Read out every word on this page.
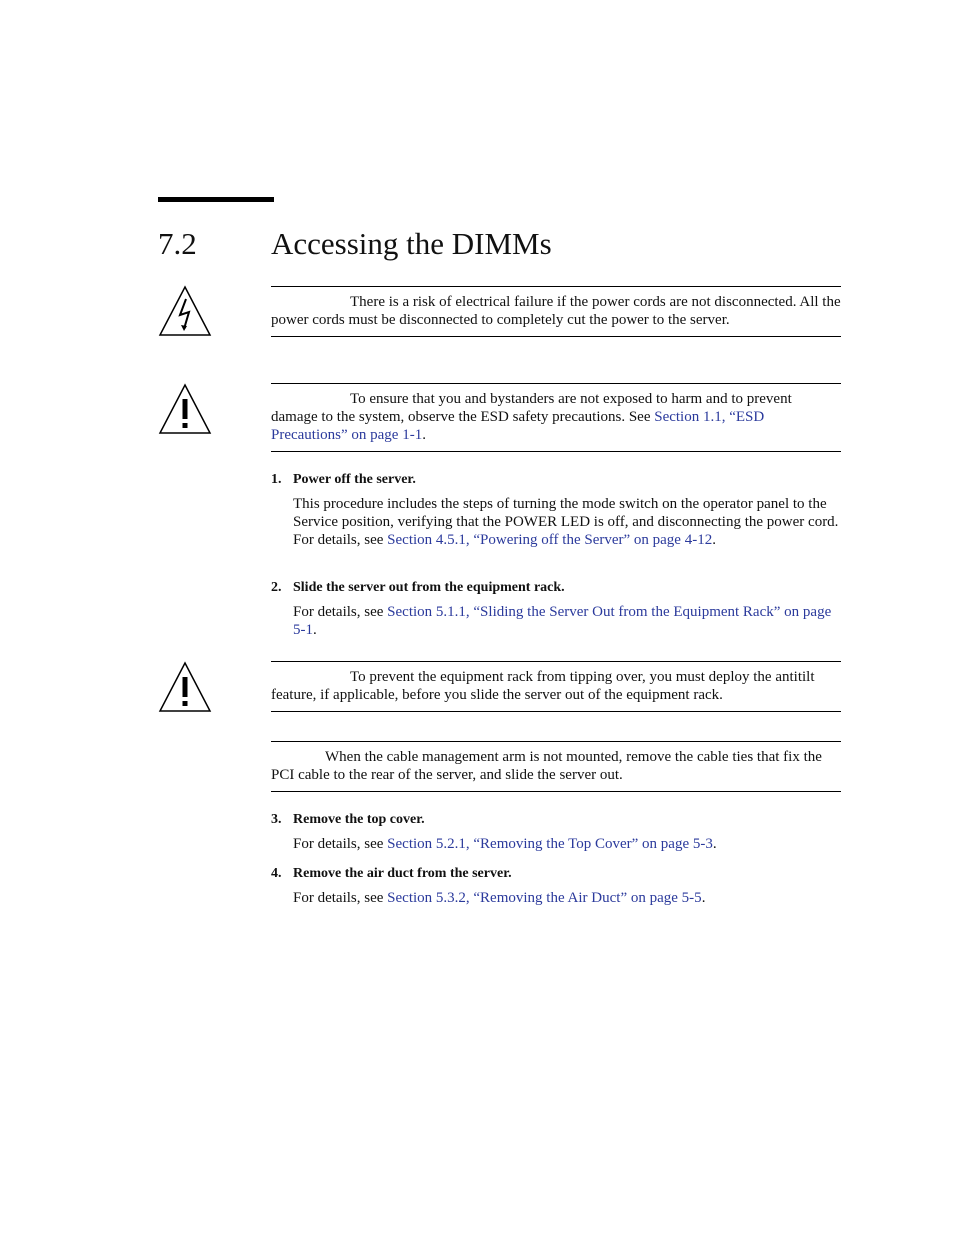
7.2 Accessing the DIMMs
There is a risk of electrical failure if the power cords are not disconnected. All the power cords must be disconnected to completely cut the power to the server.
To ensure that you and bystanders are not exposed to harm and to prevent damage to the system, observe the ESD safety precautions. See Section 1.1, “ESD Precautions” on page 1-1.
1. Power off the server.
This procedure includes the steps of turning the mode switch on the operator panel to the Service position, verifying that the POWER LED is off, and disconnecting the power cord. For details, see Section 4.5.1, “Powering off the Server” on page 4-12.
2. Slide the server out from the equipment rack.
For details, see Section 5.1.1, “Sliding the Server Out from the Equipment Rack” on page 5-1.
To prevent the equipment rack from tipping over, you must deploy the antitilt feature, if applicable, before you slide the server out of the equipment rack.
When the cable management arm is not mounted, remove the cable ties that fix the PCI cable to the rear of the server, and slide the server out.
3. Remove the top cover.
For details, see Section 5.2.1, “Removing the Top Cover” on page 5-3.
4. Remove the air duct from the server.
For details, see Section 5.3.2, “Removing the Air Duct” on page 5-5.
